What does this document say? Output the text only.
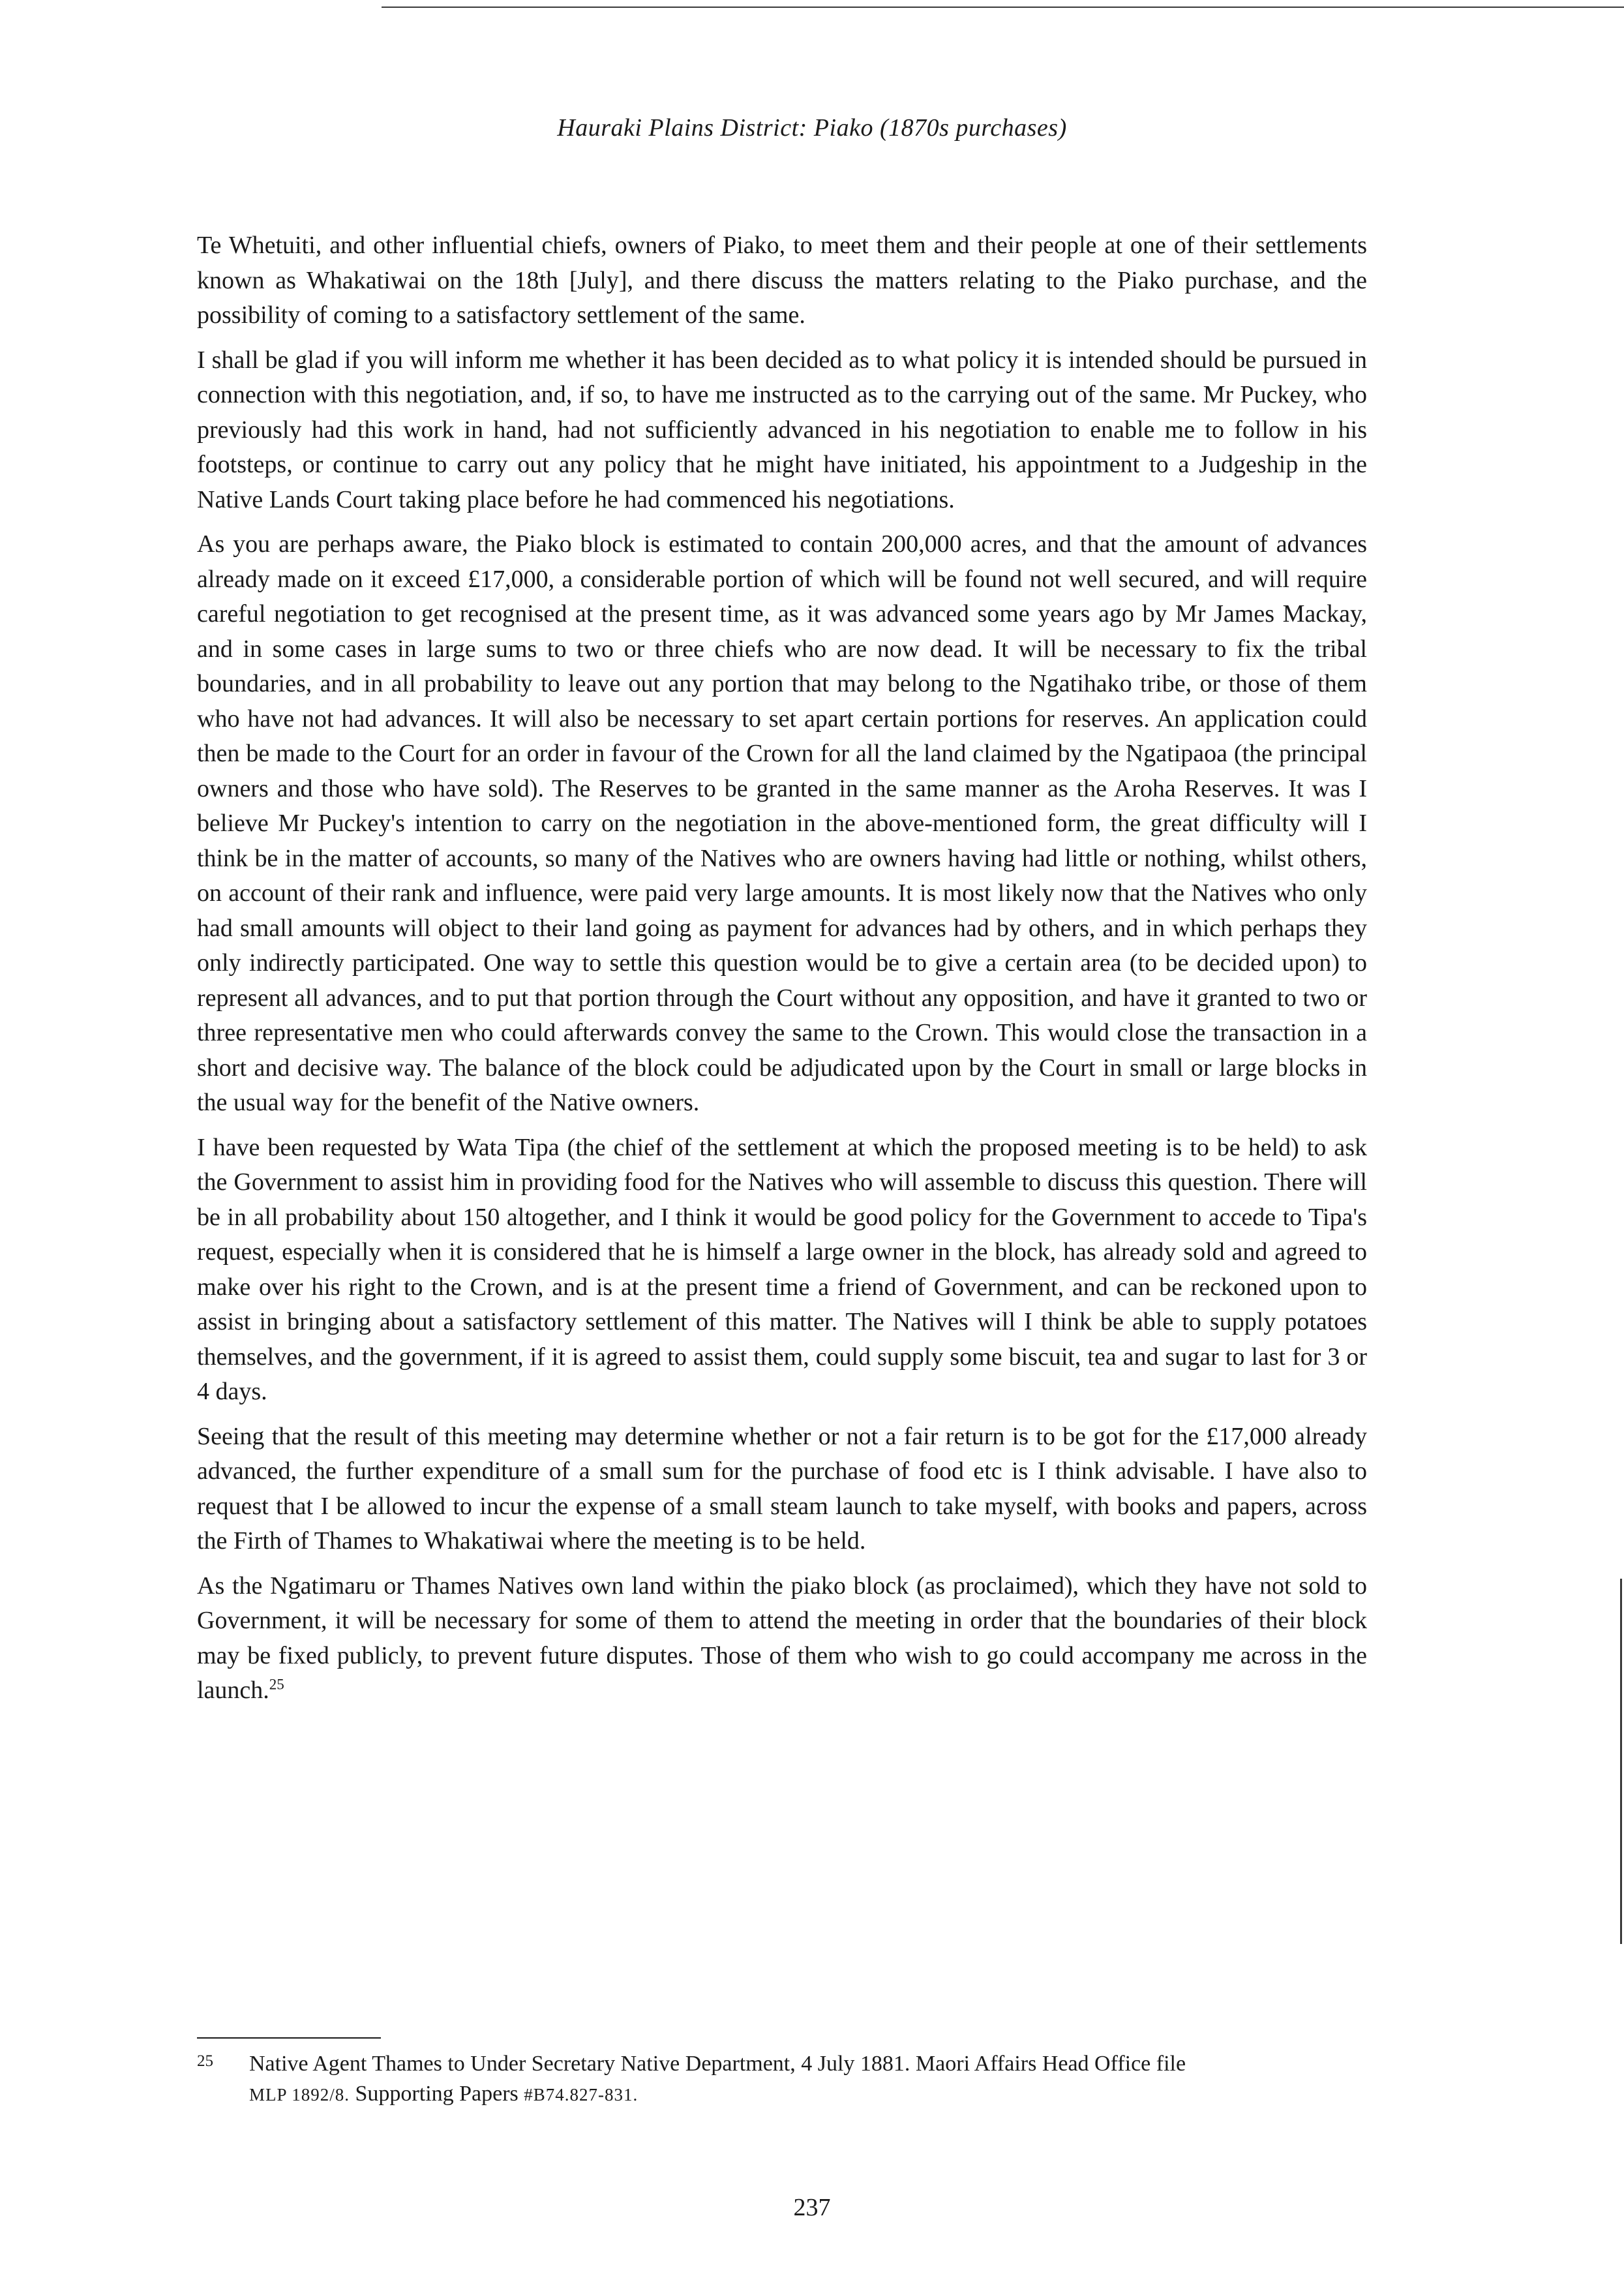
Hauraki Plains District: Piako (1870s purchases)

Te Whetuiti, and other influential chiefs, owners of Piako, to meet them and their people at one of their settlements known as Whakatiwai on the 18th [July], and there discuss the matters relating to the Piako purchase, and the possibility of coming to a satisfactory settlement of the same.

I shall be glad if you will inform me whether it has been decided as to what policy it is intended should be pursued in connection with this negotiation, and, if so, to have me instructed as to the carrying out of the same. Mr Puckey, who previously had this work in hand, had not sufficiently advanced in his negotiation to enable me to follow in his footsteps, or continue to carry out any policy that he might have initiated, his appointment to a Judgeship in the Native Lands Court taking place before he had commenced his negotiations.

As you are perhaps aware, the Piako block is estimated to contain 200,000 acres, and that the amount of advances already made on it exceed £17,000, a considerable portion of which will be found not well secured, and will require careful negotiation to get recognised at the present time, as it was advanced some years ago by Mr James Mackay, and in some cases in large sums to two or three chiefs who are now dead. It will be necessary to fix the tribal boundaries, and in all probability to leave out any portion that may belong to the Ngatihako tribe, or those of them who have not had advances. It will also be necessary to set apart certain portions for reserves. An application could then be made to the Court for an order in favour of the Crown for all the land claimed by the Ngatipaoa (the principal owners and those who have sold). The Reserves to be granted in the same manner as the Aroha Reserves. It was I believe Mr Puckey's intention to carry on the negotiation in the above-mentioned form, the great difficulty will I think be in the matter of accounts, so many of the Natives who are owners having had little or nothing, whilst others, on account of their rank and influence, were paid very large amounts. It is most likely now that the Natives who only had small amounts will object to their land going as payment for advances had by others, and in which perhaps they only indirectly participated. One way to settle this question would be to give a certain area (to be decided upon) to represent all advances, and to put that portion through the Court without any opposition, and have it granted to two or three representative men who could afterwards convey the same to the Crown. This would close the transaction in a short and decisive way. The balance of the block could be adjudicated upon by the Court in small or large blocks in the usual way for the benefit of the Native owners.

I have been requested by Wata Tipa (the chief of the settlement at which the proposed meeting is to be held) to ask the Government to assist him in providing food for the Natives who will assemble to discuss this question. There will be in all probability about 150 altogether, and I think it would be good policy for the Government to accede to Tipa's request, especially when it is considered that he is himself a large owner in the block, has already sold and agreed to make over his right to the Crown, and is at the present time a friend of Government, and can be reckoned upon to assist in bringing about a satisfactory settlement of this matter. The Natives will I think be able to supply potatoes themselves, and the government, if it is agreed to assist them, could supply some biscuit, tea and sugar to last for 3 or 4 days.

Seeing that the result of this meeting may determine whether or not a fair return is to be got for the £17,000 already advanced, the further expenditure of a small sum for the purchase of food etc is I think advisable. I have also to request that I be allowed to incur the expense of a small steam launch to take myself, with books and papers, across the Firth of Thames to Whakatiwai where the meeting is to be held.

As the Ngatimaru or Thames Natives own land within the piako block (as proclaimed), which they have not sold to Government, it will be necessary for some of them to attend the meeting in order that the boundaries of their block may be fixed publicly, to prevent future disputes. Those of them who wish to go could accompany me across in the launch.$^{25}$

25 Native Agent Thames to Under Secretary Native Department, 4 July 1881. Maori Affairs Head Office file
MLP 1892/8. Supporting Papers #B74.827-831.
237
